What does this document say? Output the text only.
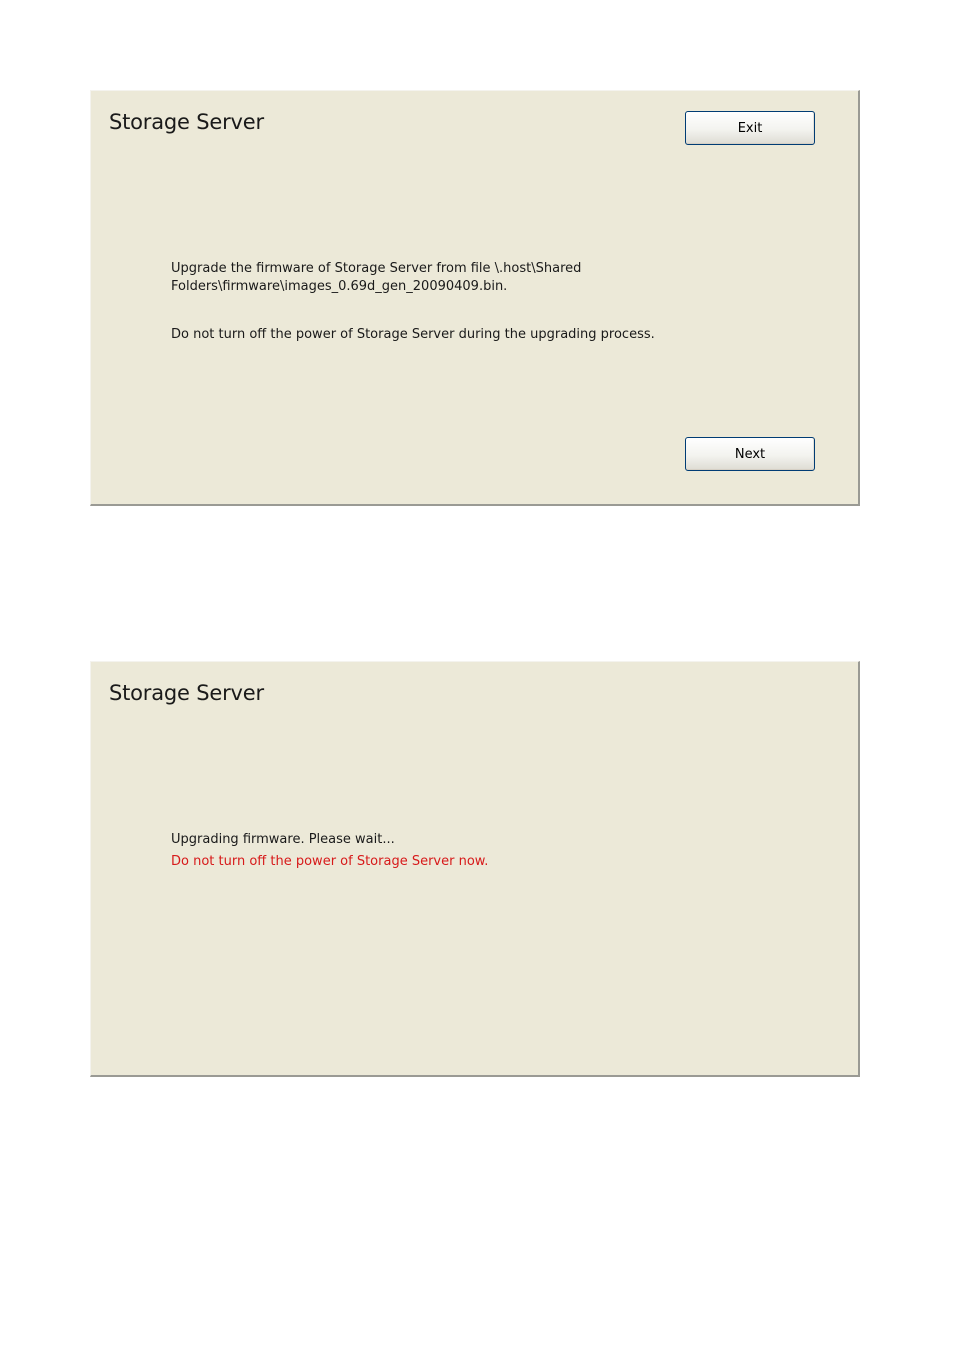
Storage Server	Exit
Upgrade the firmware of Storage Server from file \.host\Shared
Folders\firmware\images_0.69d_gen_20090409.bin.
Do not turn off the power of Storage Server during the upgrading process.
Next
Storage Server
Upgrading firmware. Please wait...
Do not turn off the power of Storage Server now.
